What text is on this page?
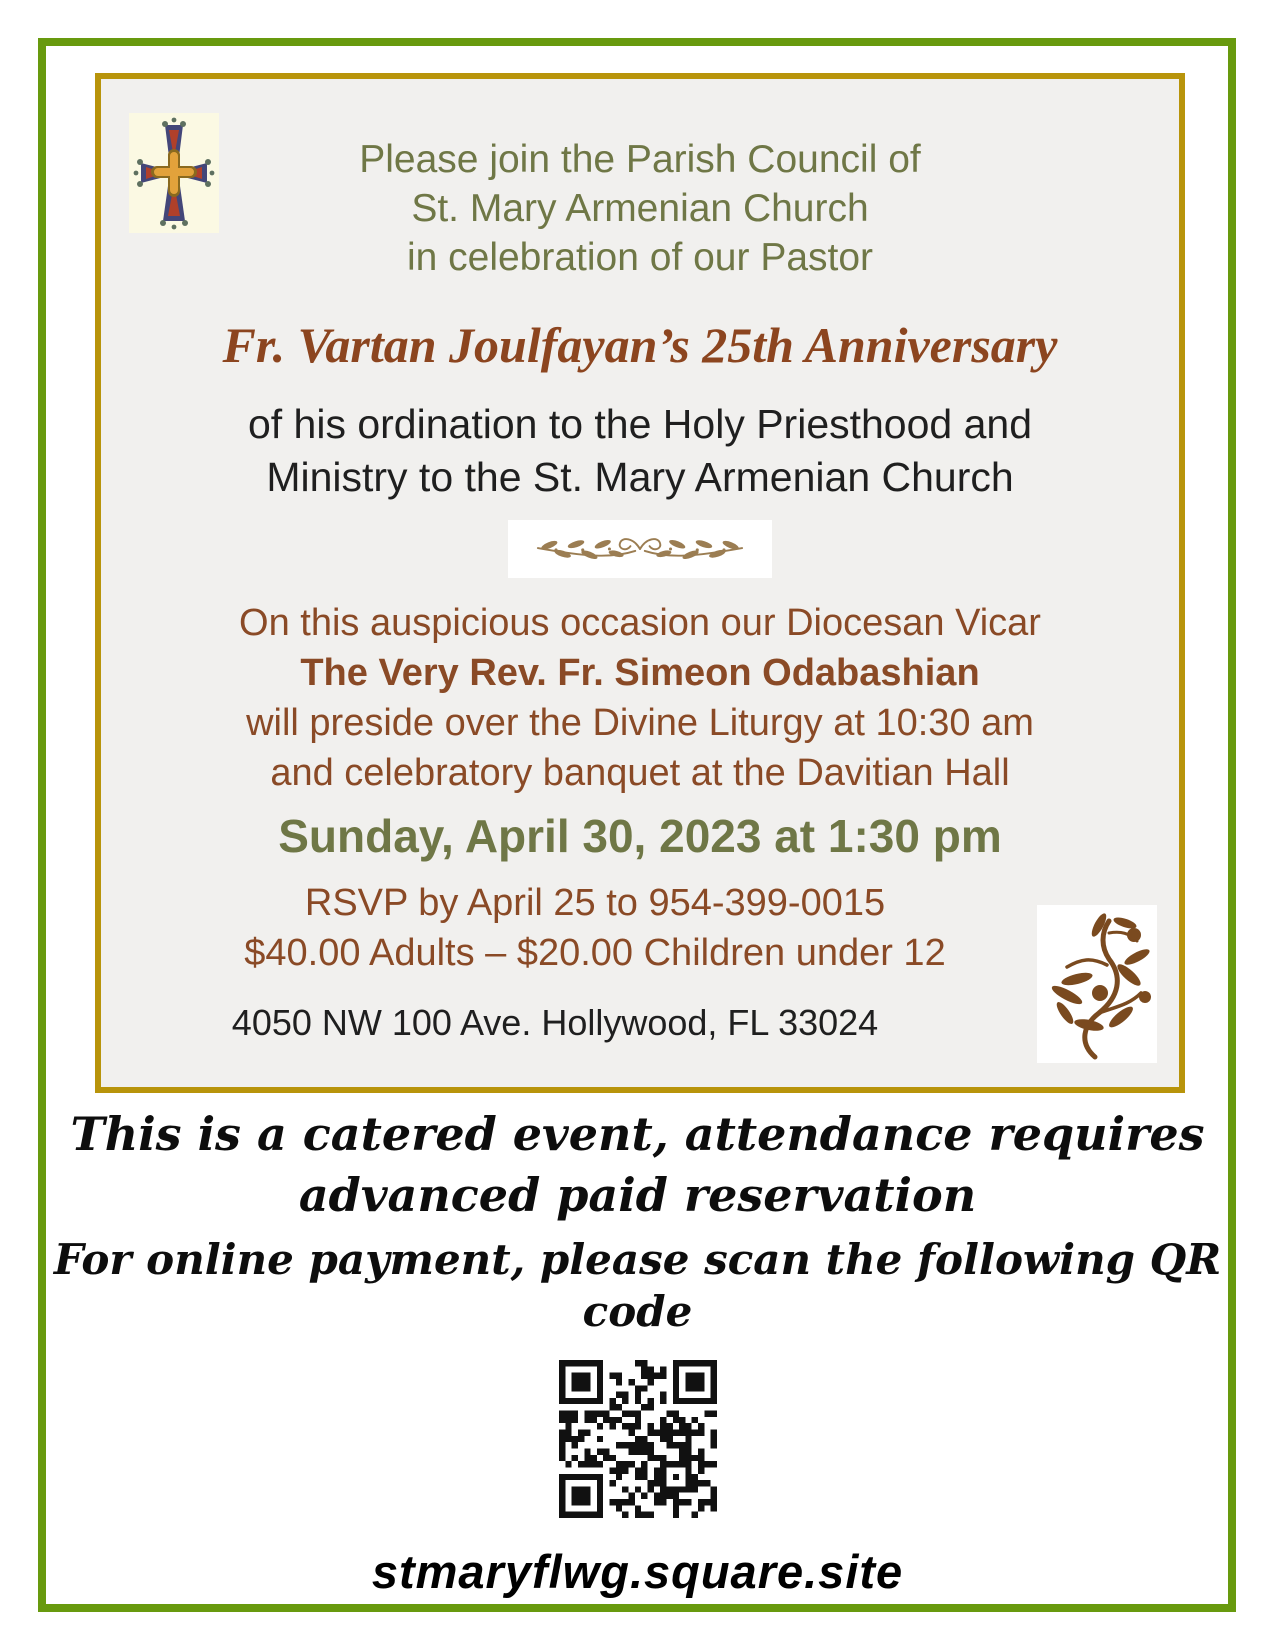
Please join the Parish Council of
St. Mary Armenian Church
in celebration of our Pastor
Fr. Vartan Joulfayan’s 25th Anniversary
of his ordination to the Holy Priesthood and
Ministry to the St. Mary Armenian Church
On this auspicious occasion our Diocesan Vicar
The Very Rev. Fr. Simeon Odabashian
will preside over the Divine Liturgy at 10:30 am
and celebratory banquet at the Davitian Hall
Sunday, April 30, 2023 at 1:30 pm
RSVP by April 25 to 954-399-0015
$40.00 Adults – $20.00 Children under 12
4050 NW 100 Ave. Hollywood, FL 33024
This is a catered event, attendance requires
advanced paid reservation
For online payment, please scan the following QR code
stmaryflwg.square.site
